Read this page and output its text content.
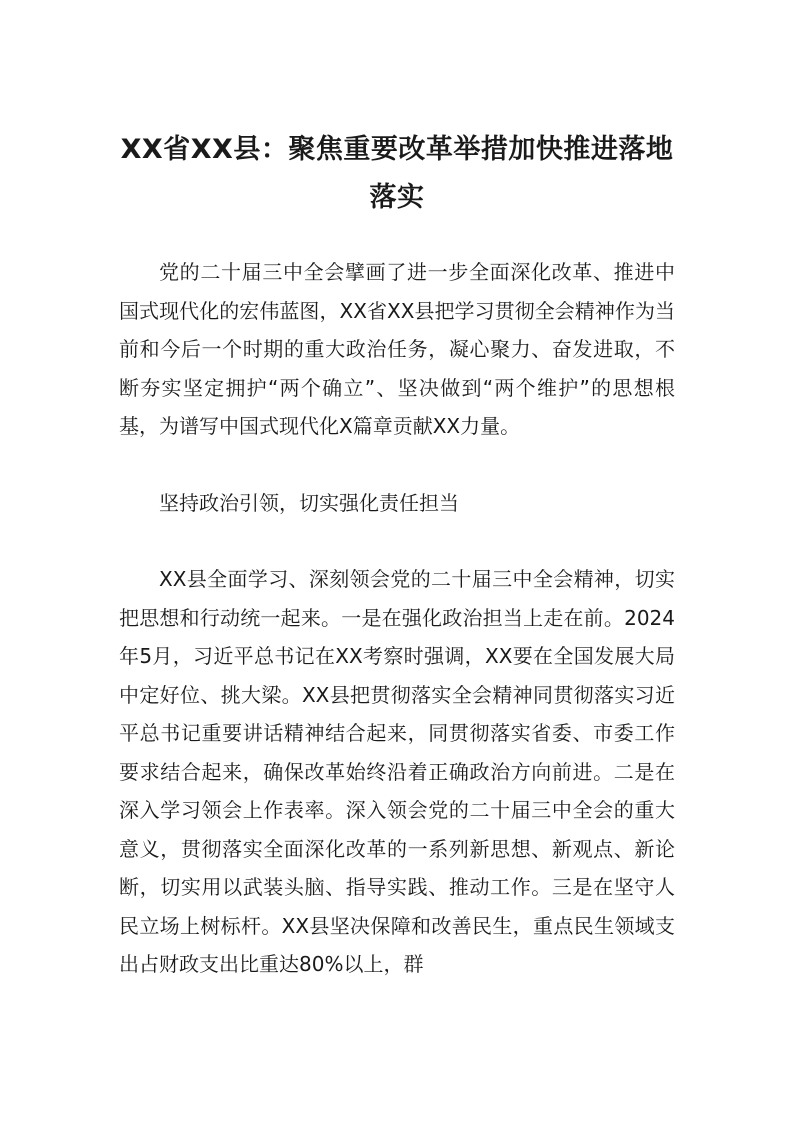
XX省XX县：聚焦重要改革举措加快推进落地落实

党的二十届三中全会擘画了进一步全面深化改革、推进中国式现代化的宏伟蓝图，XX省XX县把学习贯彻全会精神作为当前和今后一个时期的重大政治任务，凝心聚力、奋发进取，不断夯实坚定拥护“两个确立”、坚决做到“两个维护”的思想根基，为谱写中国式现代化X篇章贡献XX力量。

坚持政治引领，切实强化责任担当

XX县全面学习、深刻领会党的二十届三中全会精神，切实把思想和行动统一起来。一是在强化政治担当上走在前。2024年5月，习近平总书记在XX考察时强调，XX要在全国发展大局中定好位、挑大梁。XX县把贯彻落实全会精神同贯彻落实习近平总书记重要讲话精神结合起来，同贯彻落实省委、市委工作要求结合起来，确保改革始终沿着正确政治方向前进。二是在深入学习领会上作表率。深入领会党的二十届三中全会的重大意义，贯彻落实全面深化改革的一系列新思想、新观点、新论断，切实用以武装头脑、指导实践、推动工作。三是在坚守人民立场上树标杆。XX县坚决保障和改善民生，重点民生领域支出占财政支出比重达80%以上，群
